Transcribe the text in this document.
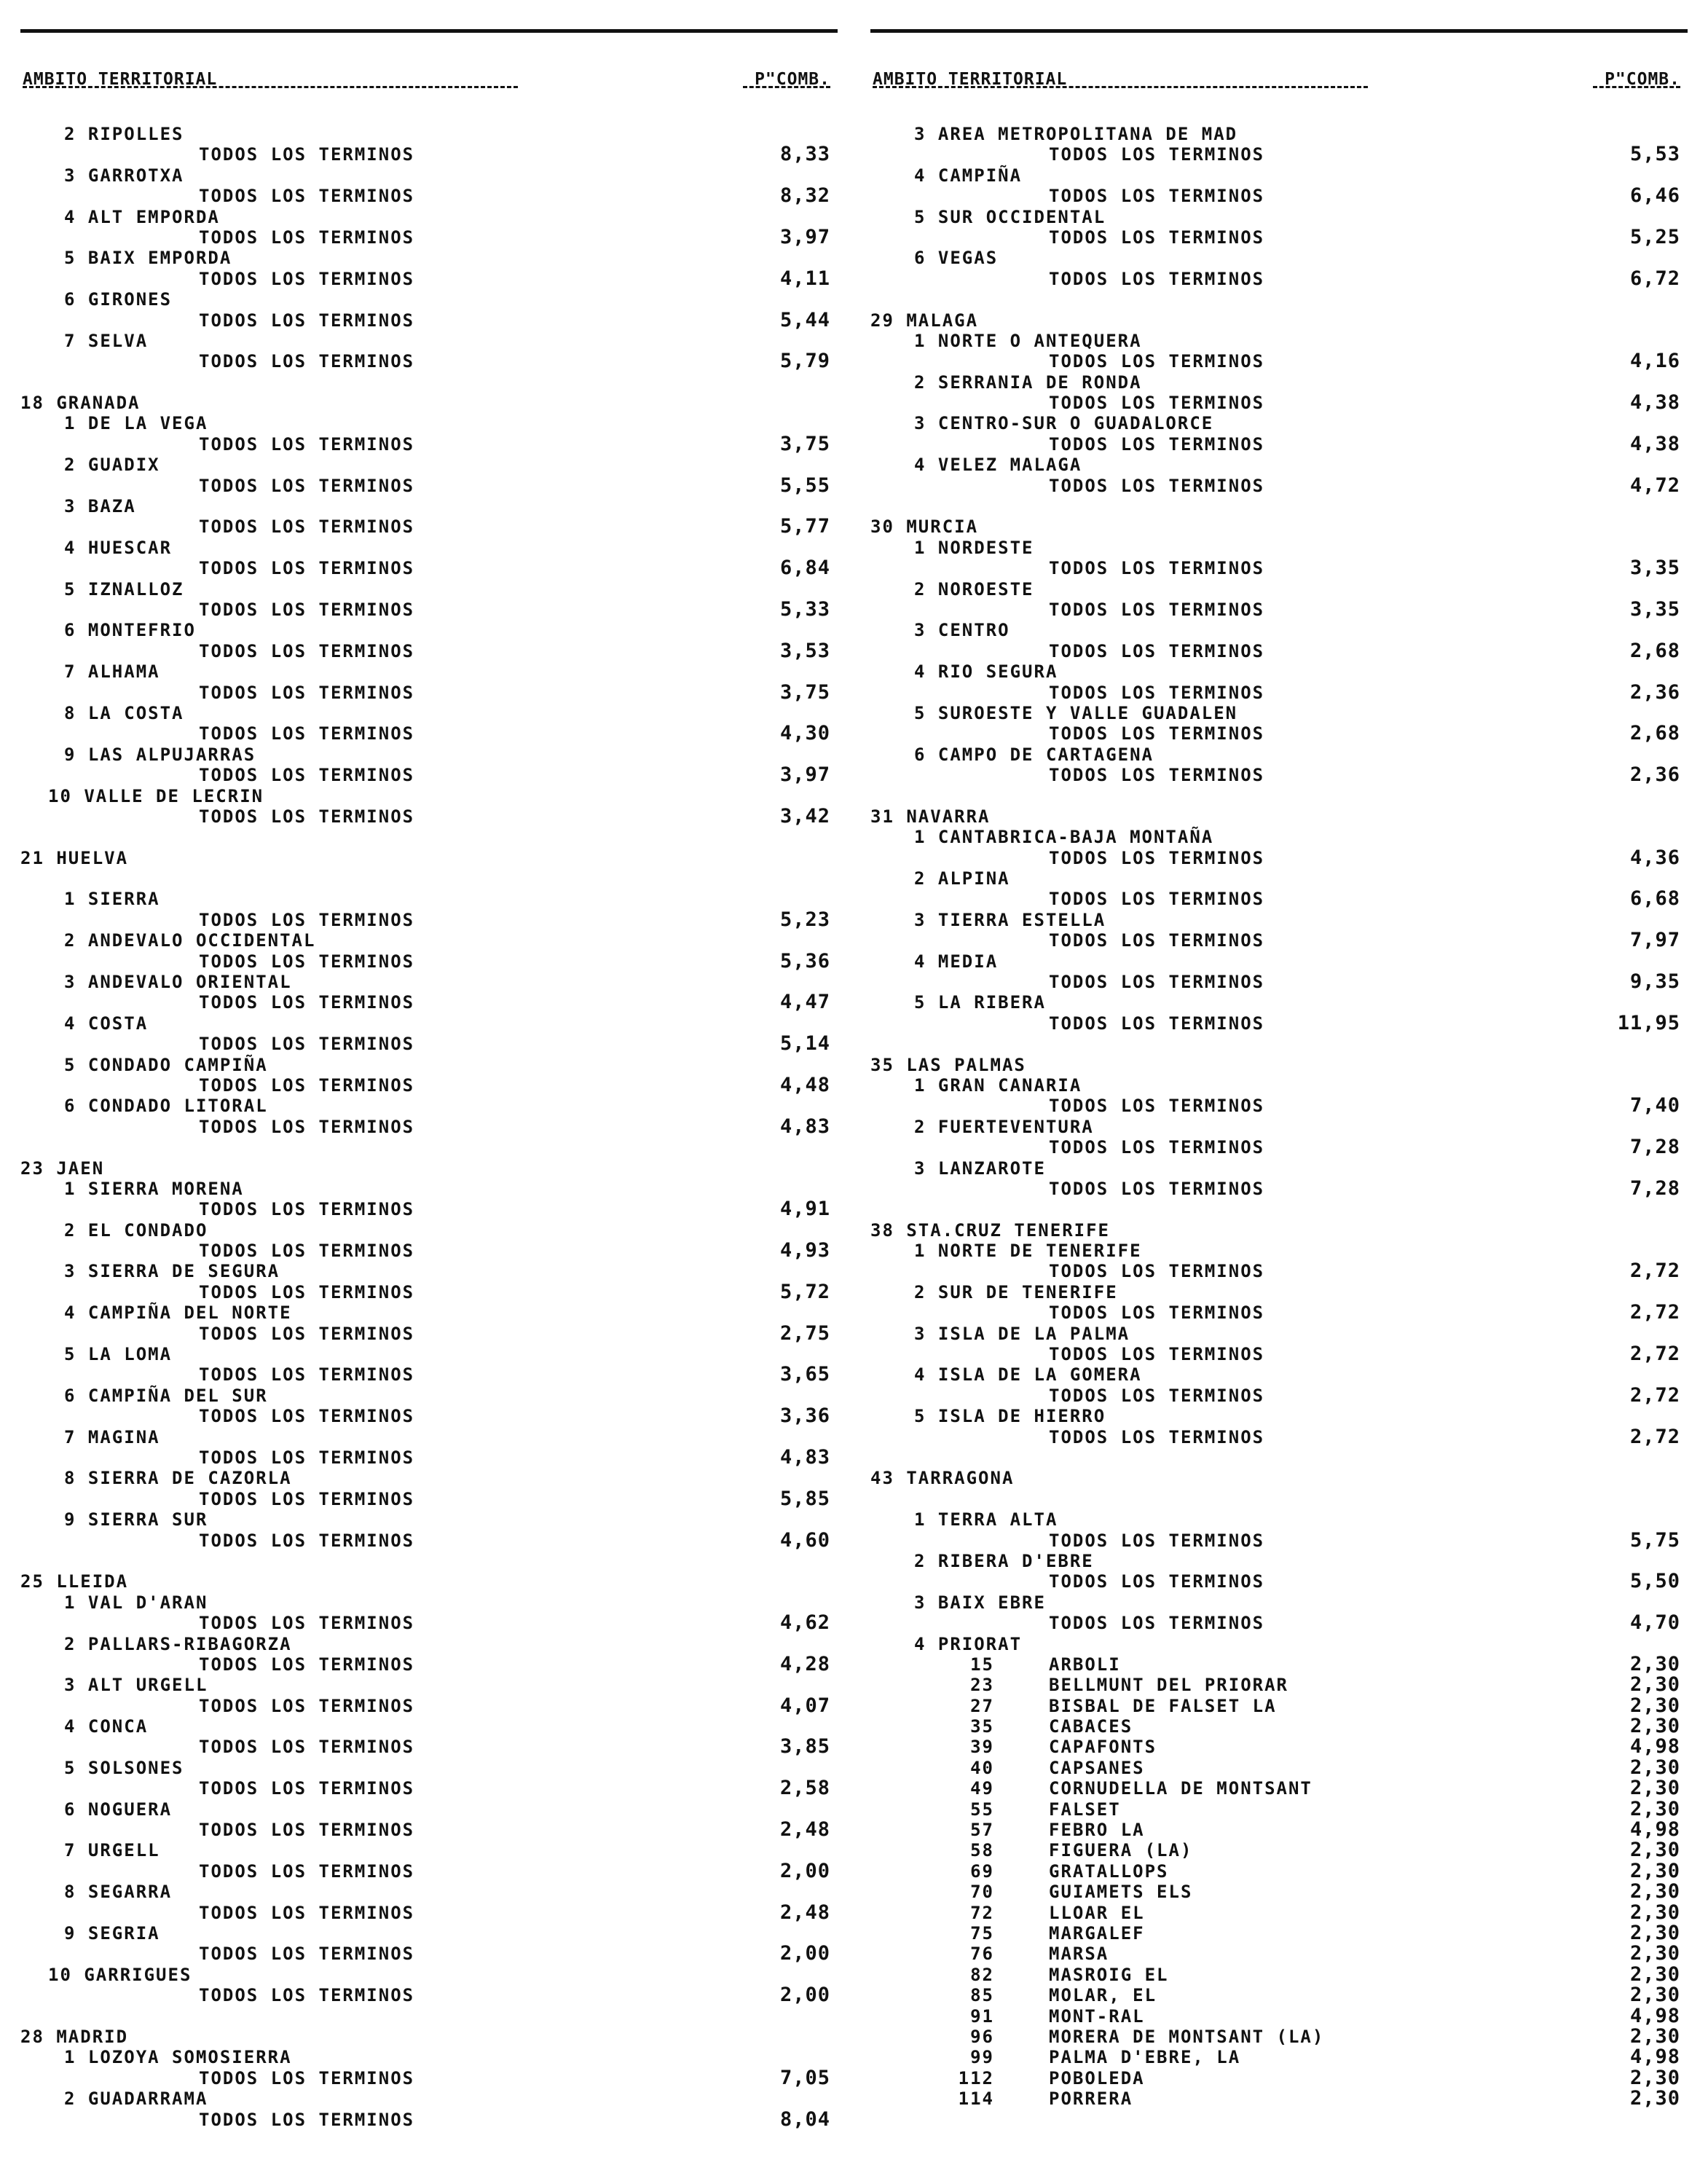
AMBITO TERRITORIAL	P"COMB.
2 RIPOLLES
TODOS LOS TERMINOS	8,33
3 GARROTXA
TODOS LOS TERMINOS	8,32
4 ALT EMPORDA
TODOS LOS TERMINOS	3,97
5 BAIX EMPORDA
TODOS LOS TERMINOS	4,11
6 GIRONES
TODOS LOS TERMINOS	5,44
7 SELVA
TODOS LOS TERMINOS	5,79
18 GRANADA
1 DE LA VEGA
TODOS LOS TERMINOS	3,75
2 GUADIX
TODOS LOS TERMINOS	5,55
3 BAZA
TODOS LOS TERMINOS	5,77
4 HUESCAR
TODOS LOS TERMINOS	6,84
5 IZNALLOZ
TODOS LOS TERMINOS	5,33
6 MONTEFRIO
TODOS LOS TERMINOS	3,53
7 ALHAMA
TODOS LOS TERMINOS	3,75
8 LA COSTA
TODOS LOS TERMINOS	4,30
9 LAS ALPUJARRAS
TODOS LOS TERMINOS	3,97
10 VALLE DE LECRIN
TODOS LOS TERMINOS	3,42
21 HUELVA
1 SIERRA
TODOS LOS TERMINOS	5,23
2 ANDEVALO OCCIDENTAL
TODOS LOS TERMINOS	5,36
3 ANDEVALO ORIENTAL
TODOS LOS TERMINOS	4,47
4 COSTA
TODOS LOS TERMINOS	5,14
5 CONDADO CAMPIÑA
TODOS LOS TERMINOS	4,48
6 CONDADO LITORAL
TODOS LOS TERMINOS	4,83
23 JAEN
1 SIERRA MORENA
TODOS LOS TERMINOS	4,91
2 EL CONDADO
TODOS LOS TERMINOS	4,93
3 SIERRA DE SEGURA
TODOS LOS TERMINOS	5,72
4 CAMPIÑA DEL NORTE
TODOS LOS TERMINOS	2,75
5 LA LOMA
TODOS LOS TERMINOS	3,65
6 CAMPIÑA DEL SUR
TODOS LOS TERMINOS	3,36
7 MAGINA
TODOS LOS TERMINOS	4,83
8 SIERRA DE CAZORLA
TODOS LOS TERMINOS	5,85
9 SIERRA SUR
TODOS LOS TERMINOS	4,60
25 LLEIDA
1 VAL D'ARAN
TODOS LOS TERMINOS	4,62
2 PALLARS-RIBAGORZA
TODOS LOS TERMINOS	4,28
3 ALT URGELL
TODOS LOS TERMINOS	4,07
4 CONCA
TODOS LOS TERMINOS	3,85
5 SOLSONES
TODOS LOS TERMINOS	2,58
6 NOGUERA
TODOS LOS TERMINOS	2,48
7 URGELL
TODOS LOS TERMINOS	2,00
8 SEGARRA
TODOS LOS TERMINOS	2,48
9 SEGRIA
TODOS LOS TERMINOS	2,00
10 GARRIGUES
TODOS LOS TERMINOS	2,00
28 MADRID
1 LOZOYA SOMOSIERRA
TODOS LOS TERMINOS	7,05
2 GUADARRAMA
TODOS LOS TERMINOS	8,04
AMBITO TERRITORIAL	P"COMB.
3 AREA METROPOLITANA DE MAD
TODOS LOS TERMINOS	5,53
4 CAMPIÑA
TODOS LOS TERMINOS	6,46
5 SUR OCCIDENTAL
TODOS LOS TERMINOS	5,25
6 VEGAS
TODOS LOS TERMINOS	6,72
29 MALAGA
1 NORTE O ANTEQUERA
TODOS LOS TERMINOS	4,16
2 SERRANIA DE RONDA
TODOS LOS TERMINOS	4,38
3 CENTRO-SUR O GUADALORCE
TODOS LOS TERMINOS	4,38
4 VELEZ MALAGA
TODOS LOS TERMINOS	4,72
30 MURCIA
1 NORDESTE
TODOS LOS TERMINOS	3,35
2 NOROESTE
TODOS LOS TERMINOS	3,35
3 CENTRO
TODOS LOS TERMINOS	2,68
4 RIO SEGURA
TODOS LOS TERMINOS	2,36
5 SUROESTE Y VALLE GUADALEN
TODOS LOS TERMINOS	2,68
6 CAMPO DE CARTAGENA
TODOS LOS TERMINOS	2,36
31 NAVARRA
1 CANTABRICA-BAJA MONTAÑA
TODOS LOS TERMINOS	4,36
2 ALPINA
TODOS LOS TERMINOS	6,68
3 TIERRA ESTELLA
TODOS LOS TERMINOS	7,97
4 MEDIA
TODOS LOS TERMINOS	9,35
5 LA RIBERA
TODOS LOS TERMINOS	11,95
35 LAS PALMAS
1 GRAN CANARIA
TODOS LOS TERMINOS	7,40
2 FUERTEVENTURA
TODOS LOS TERMINOS	7,28
3 LANZAROTE
TODOS LOS TERMINOS	7,28
38 STA.CRUZ TENERIFE
1 NORTE DE TENERIFE
TODOS LOS TERMINOS	2,72
2 SUR DE TENERIFE
TODOS LOS TERMINOS	2,72
3 ISLA DE LA PALMA
TODOS LOS TERMINOS	2,72
4 ISLA DE LA GOMERA
TODOS LOS TERMINOS	2,72
5 ISLA DE HIERRO
TODOS LOS TERMINOS	2,72
43 TARRAGONA
1 TERRA ALTA
TODOS LOS TERMINOS	5,75
2 RIBERA D'EBRE
TODOS LOS TERMINOS	5,50
3 BAIX EBRE
TODOS LOS TERMINOS	4,70
4 PRIORAT
15	ARBOLI	2,30
23	BELLMUNT DEL PRIORAR	2,30
27	BISBAL DE FALSET LA	2,30
35	CABACES	2,30
39	CAPAFONTS	4,98
40	CAPSANES	2,30
49	CORNUDELLA DE MONTSANT	2,30
55	FALSET	2,30
57	FEBRO LA	4,98
58	FIGUERA (LA)	2,30
69	GRATALLOPS	2,30
70	GUIAMETS ELS	2,30
72	LLOAR EL	2,30
75	MARGALEF	2,30
76	MARSA	2,30
82	MASROIG EL	2,30
85	MOLAR, EL	2,30
91	MONT-RAL	4,98
96	MORERA DE MONTSANT (LA)	2,30
99	PALMA D'EBRE, LA	4,98
112	POBOLEDA	2,30
114	PORRERA	2,30
